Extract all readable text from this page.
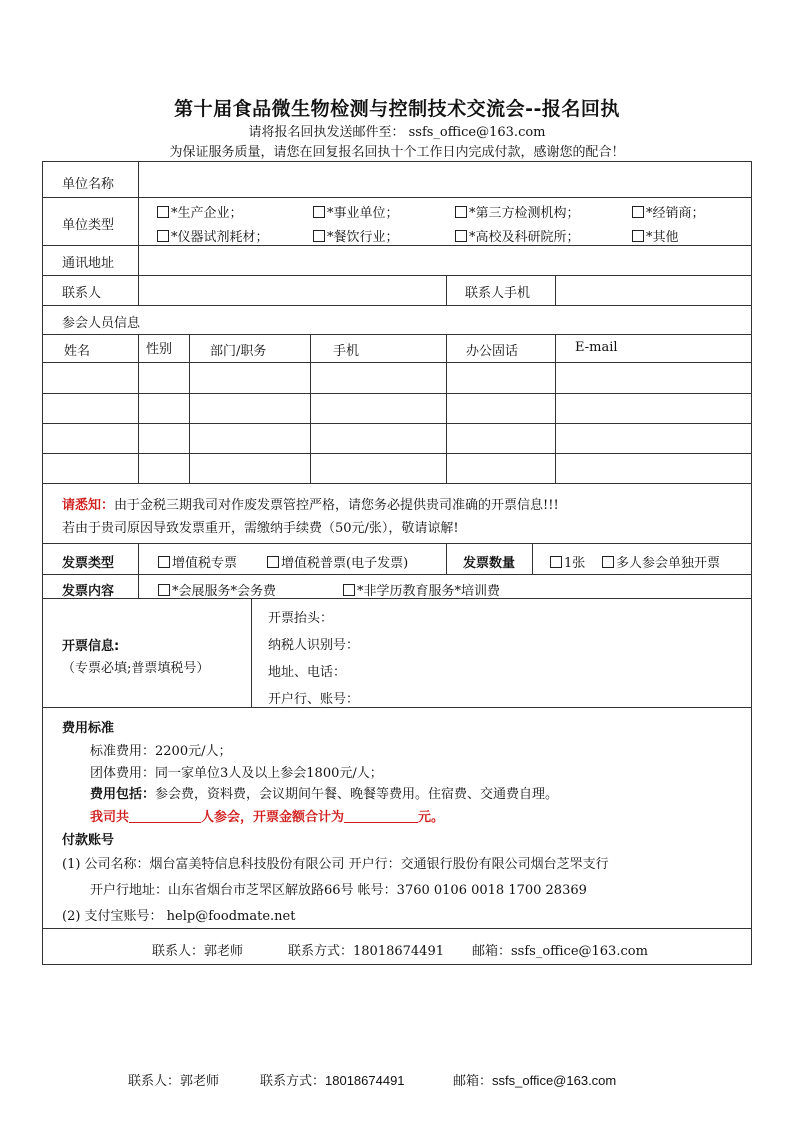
第十届食品微生物检测与控制技术交流会--报名回执
请将报名回执发送邮件至： ssfs_office@163.com
为保证服务质量，请您在回复报名回执十个工作日内完成付款，感谢您的配合！
单位名称
单位类型
*生产企业；	*事业单位；	*第三方检测机构；	*经销商；
*仪器试剂耗材；	*餐饮行业；	*高校及科研院所；	*其他
通讯地址
联系人	联系人手机
参会人员信息
姓名	性别	部门/职务	手机	办公固话	E-mail
请悉知：由于金税三期我司对作废发票管控严格，请您务必提供贵司准确的开票信息!!!
若由于贵司原因导致发票重开，需缴纳手续费（50元/张），敬请谅解!
发票类型	增值税专票	增值税普票(电子发票)	发票数量	1张	多人参会单独开票
发票内容	*会展服务*会务费	*非学历教育服务*培训费
开票信息:
（专票必填;普票填税号）
开票抬头：
纳税人识别号：
地址、电话：
开户行、账号：
费用标准
标准费用：2200元/人；
团体费用：同一家单位3人及以上参会1800元/人；
费用包括：参会费，资料费，会议期间午餐、晚餐等费用。住宿费、交通费自理。
我司共	人参会，开票金额合计为	元。
付款账号
(1) 公司名称：烟台富美特信息科技股份有限公司 开户行：交通银行股份有限公司烟台芝罘支行
开户行地址：山东省烟台市芝罘区解放路66号 帐号：3760 0106 0018 1700 28369
(2) 支付宝账号： help@foodmate.net
联系人：郭老师	联系方式：18018674491 邮箱：ssfs_office@163.com
联系人：郭老师	联系方式：18018674491	邮箱：ssfs_office@163.com
